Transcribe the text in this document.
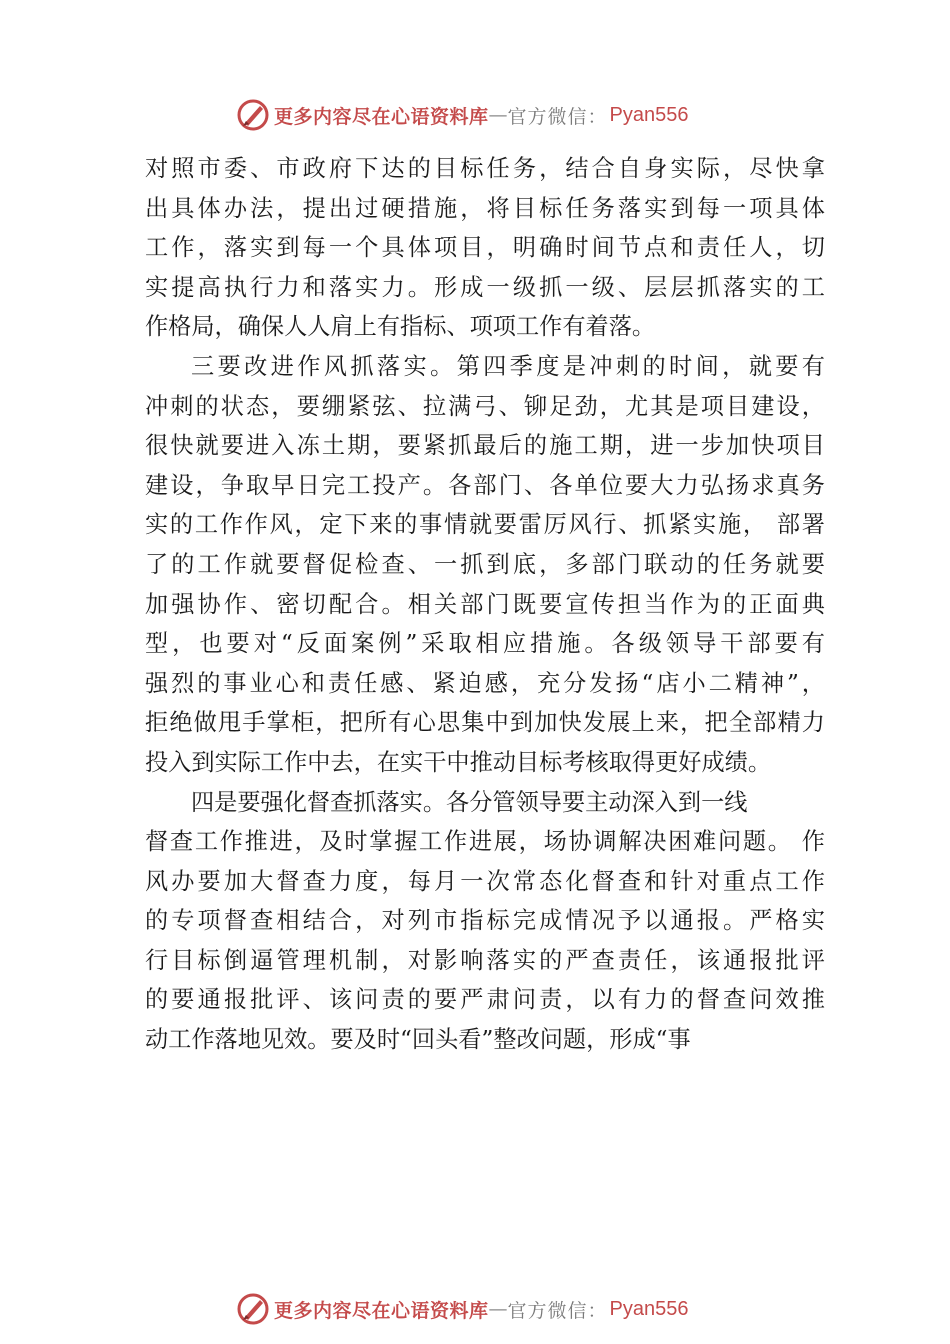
更多内容尽在心语资料库 — 官方微信： Pyan556
对照市委、市政府下达的目标任务，结合自身实际，尽快拿
出具体办法，提出过硬措施，将目标任务落实到每一项具体
工作，落实到每一个具体项目，明确时间节点和责任人，切
实提高执行力和落实力。形成一级抓一级、层层抓落实的工
作格局，确保人人肩上有指标、项项工作有着落。
三要改进作风抓落实。第四季度是冲刺的时间，就要有
冲刺的状态，要绷紧弦、拉满弓、铆足劲，尤其是项目建设，
很快就要进入冻土期，要紧抓最后的施工期，进一步加快项目
建设，争取早日完工投产。各部门、各单位要大力弘扬求真务
实的工作作风，定下来的事情就要雷厉风行、抓紧实施， 部署
了的工作就要督促检查、一抓到底，多部门联动的任务就要
加强协作、密切配合。相关部门既要宣传担当作为的正面典
型，也要对“反面案例”采取相应措施。各级领导干部要有
强烈的事业心和责任感、紧迫感，充分发扬“店小二精神”，
拒绝做甩手掌柜，把所有心思集中到加快发展上来，把全部精力
投入到实际工作中去，在实干中推动目标考核取得更好成绩。
四是要强化督查抓落实。各分管领导要主动深入到一线
督查工作推进，及时掌握工作进展，场协调解决困难问题。 作
风办要加大督查力度，每月一次常态化督查和针对重点工作
的专项督查相结合，对列市指标完成情况予以通报。严格实
行目标倒逼管理机制，对影响落实的严查责任，该通报批评
的要通报批评、该问责的要严肃问责，以有力的督查问效推
动工作落地见效。要及时“回头看”整改问题，形成“事
更多内容尽在心语资料库 — 官方微信： Pyan556
